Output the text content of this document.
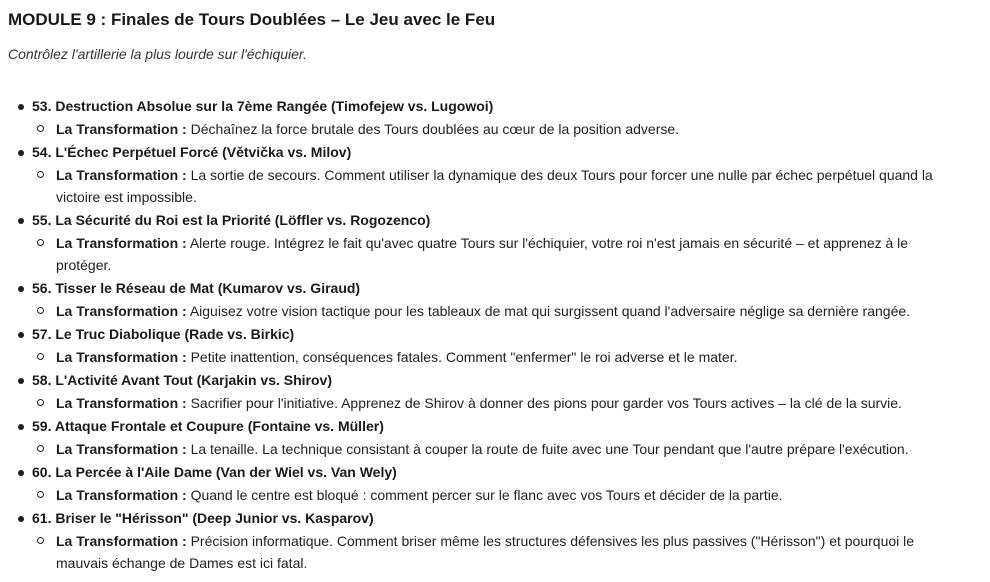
MODULE 9 : Finales de Tours Doublées – Le Jeu avec le Feu

Contrôlez l'artillerie la plus lourde sur l'échiquier.

53. Destruction Absolue sur la 7ème Rangée (Timofejew vs. Lugowoi)
La Transformation : Déchaînez la force brutale des Tours doublées au cœur de la position adverse.
54. L'Échec Perpétuel Forcé (Větvička vs. Milov)
La Transformation : La sortie de secours. Comment utiliser la dynamique des deux Tours pour forcer une nulle par échec perpétuel quand la victoire est impossible.
55. La Sécurité du Roi est la Priorité (Löffler vs. Rogozenco)
La Transformation : Alerte rouge. Intégrez le fait qu'avec quatre Tours sur l'échiquier, votre roi n'est jamais en sécurité – et apprenez à le protéger.
56. Tisser le Réseau de Mat (Kumarov vs. Giraud)
La Transformation : Aiguisez votre vision tactique pour les tableaux de mat qui surgissent quand l'adversaire néglige sa dernière rangée.
57. Le Truc Diabolique (Rade vs. Birkic)
La Transformation : Petite inattention, conséquences fatales. Comment "enfermer" le roi adverse et le mater.
58. L'Activité Avant Tout (Karjakin vs. Shirov)
La Transformation : Sacrifier pour l'initiative. Apprenez de Shirov à donner des pions pour garder vos Tours actives – la clé de la survie.
59. Attaque Frontale et Coupure (Fontaine vs. Müller)
La Transformation : La tenaille. La technique consistant à couper la route de fuite avec une Tour pendant que l'autre prépare l'exécution.
60. La Percée à l'Aile Dame (Van der Wiel vs. Van Wely)
La Transformation : Quand le centre est bloqué : comment percer sur le flanc avec vos Tours et décider de la partie.
61. Briser le "Hérisson" (Deep Junior vs. Kasparov)
La Transformation : Précision informatique. Comment briser même les structures défensives les plus passives ("Hérisson") et pourquoi le mauvais échange de Dames est ici fatal.
